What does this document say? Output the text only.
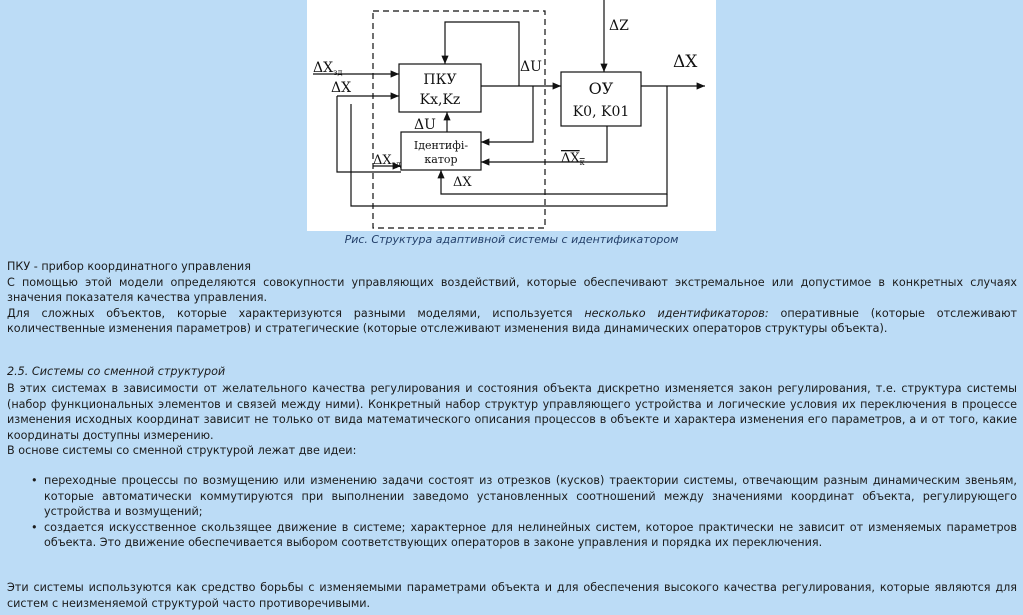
ΔZ
ΔX
$\Delta X_{зд}$
ΔX
ΔU
ΔU
$\Delta X_{зд}$	$\Delta X_к$
ΔX
ПКУ
Kx,Kz
ОУ
K0, K01
Ідентифі-
катор
Рис. Структура адаптивной системы с идентификатором

ПКУ - прибор координатного управления

С помощью этой модели определяются совокупности управляющих воздействий, которые обеспечивают экстремальное или допустимое в конкретных случаях значения показателя качества управления.

Для сложных объектов, которые характеризуются разными моделями, используется несколько идентификаторов: оперативные (которые отслеживают количественные изменения параметров) и стратегические (которые отслеживают изменения вида динамических операторов структуры объекта).

2.5. Системы со сменной структурой

В этих системах в зависимости от желательного качества регулирования и состояния объекта дискретно изменяется закон регулирования, т.е. структура системы (набор функциональных элементов и связей между ними). Конкретный набор структур управляющего устройства и логические условия их переключения в процессе изменения исходных координат зависит не только от вида математического описания процессов в объекте и характера изменения его параметров, а и от того, какие координаты доступны измерению.

В основе системы со сменной структурой лежат две идеи:

• переходные процессы по возмущению или изменению задачи состоят из отрезков (кусков) траектории системы, отвечающим разным динамическим звеньям, которые автоматически коммутируются при выполнении заведомо установленных соотношений между значениями координат объекта, регулирующего устройства и возмущений;
• создается искусственное скользящее движение в системе; характерное для нелинейных систем, которое практически не зависит от изменяемых параметров объекта. Это движение обеспечивается выбором соответствующих операторов в законе управления и порядка их переключения.
Эти системы используются как средство борьбы с изменяемыми параметрами объекта и для обеспечения высокого качества регулирования, которые являются для систем с неизменяемой структурой часто противоречивыми.
